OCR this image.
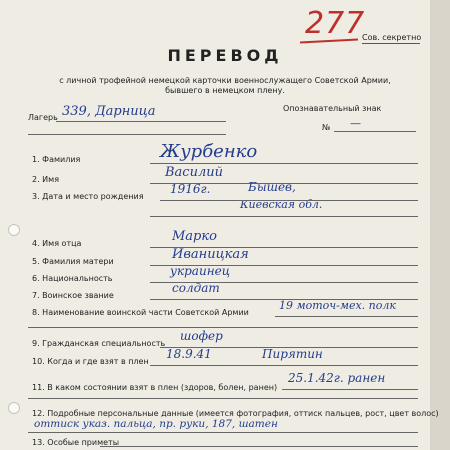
277
Сов. секретно
ПЕРЕВОД
с личной трофейной немецкой карточки военнослужащего Советской Армии,
бывшего в немецком плену.
Лагерь 339, Дарница	Опознавательный знак
№ —
1. Фамилия	Журбенко
2. Имя	Василий
3. Дата и место рождения
1916г.	Бышев,
Киевская обл.
4. Имя отца	Марко
5. Фамилия матери	Иваницкая
6. Национальность
украинец
7. Воинское звание
солдат
8. Наименование воинской части Советской Армии
19 моточ-мех. полк
9. Гражданская специальность
шофер
10. Когда и где взят в плен
18.9.41	Пирятин
11. В каком состоянии взят в плен (здоров, болен, ранен)
25.1.42г. ранен
12. Подробные персональные данные (имеется фотография, оттиск пальцев, рост, цвет волос)
оттиск указ. пальца, пр. руки, 187, шатен
13. Особые приметы
